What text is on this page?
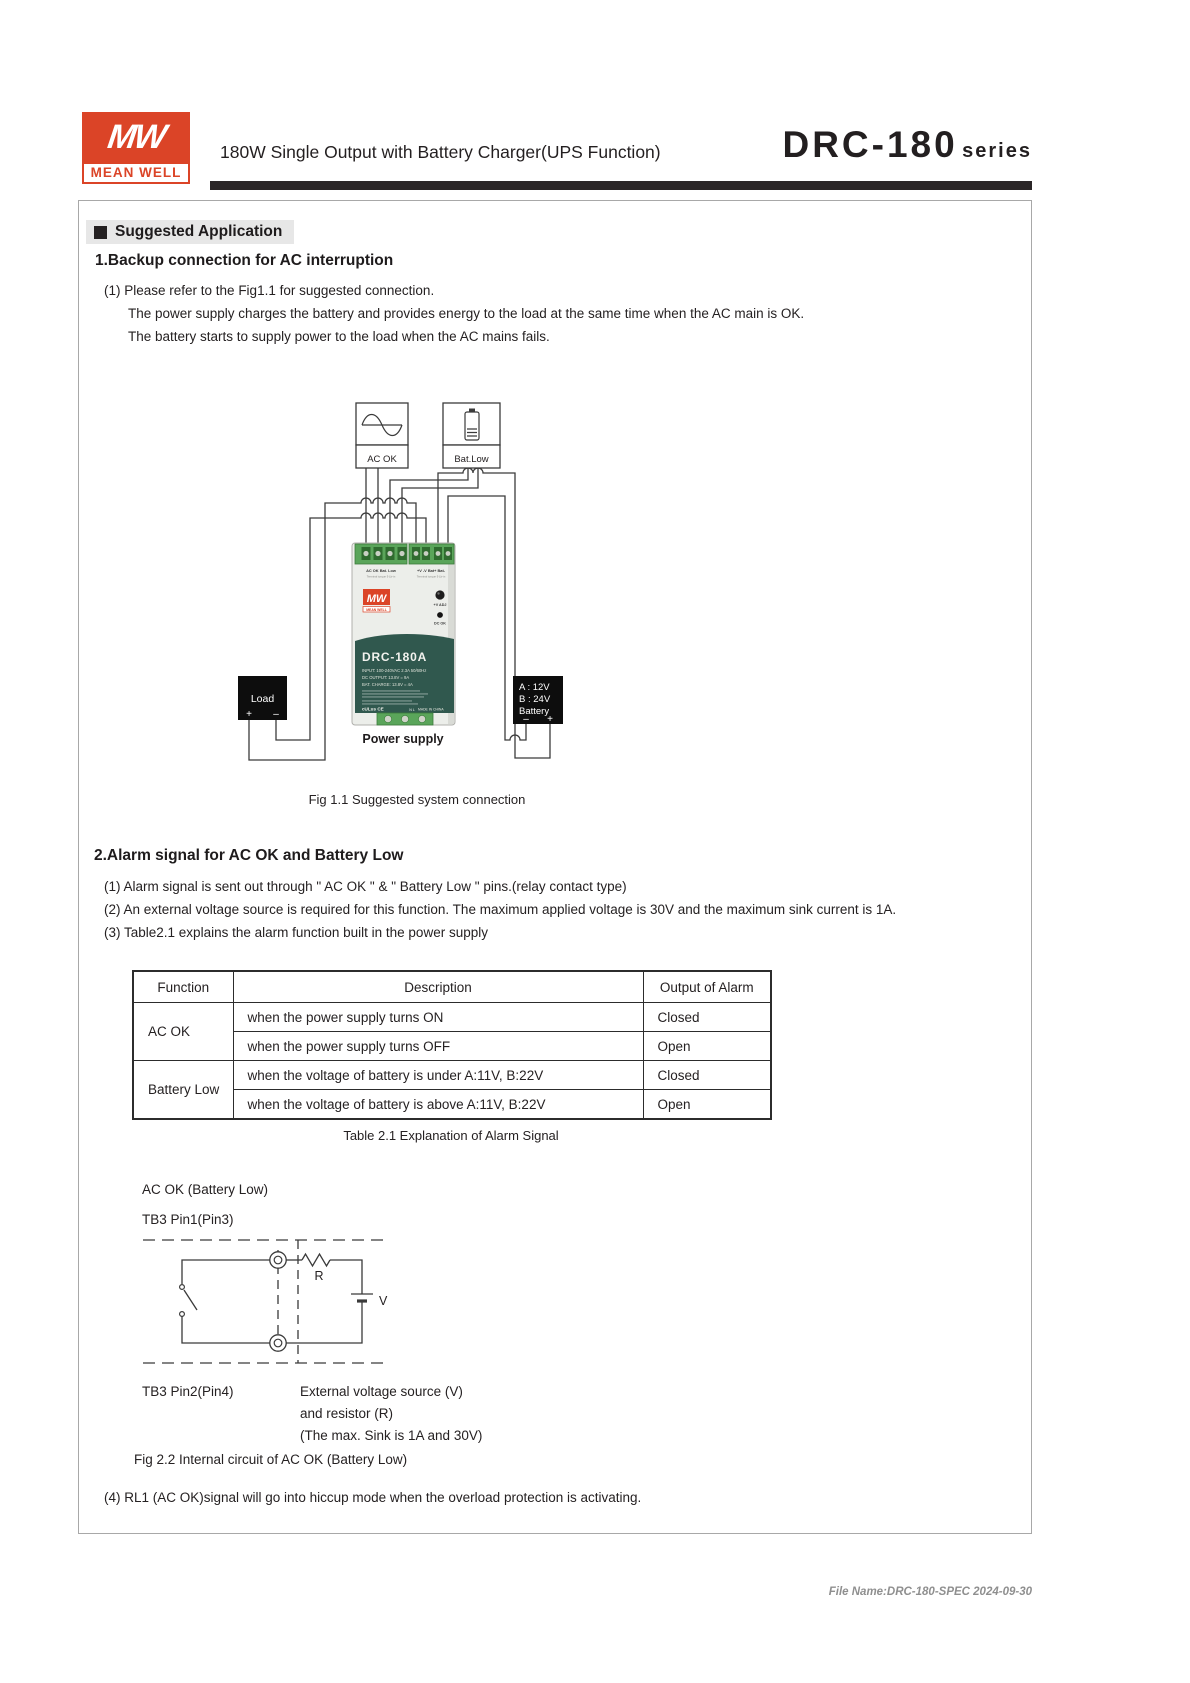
MW
MEAN WELL
180W Single Output with Battery Charger(UPS Function)	DRC-180 series
Suggested Application
1.Backup connection for AC interruption
(1) Please refer to the Fig1.1 for suggested connection.
The power supply charges the battery and provides energy to the load at the same time when the AC main is OK.
The battery starts to supply power to the load when the AC mains fails.
AC OK	Bat.Low
AC OK Bat. Low	+V -V Bat+ Bat-
Terminal torque 9 Lb-in	Terminal torque 9 Lb-in
MW
MEAN WELL
+V ADJ
DC OK
DRC-180A
INPUT: 100-240VAC 2.3A 50/60Hz
DC OUTPUT: 13.8V = 9A
BAT. CHARGE: 13.8V = 4A
cULus CE	MADE IN CHINA
N L
Load
+ –
A : 12V
B : 24V
Battery
– +
Power supply
Fig 1.1 Suggested system connection
2.Alarm signal for AC OK and Battery Low
(1) Alarm signal is sent out through " AC OK " & " Battery Low " pins.(relay contact type)
(2) An external voltage source is required for this function. The maximum applied voltage is 30V and the maximum sink current is 1A.
(3) Table2.1 explains the alarm function built in the power supply
Function	Description	Output of Alarm
AC OK	when the power supply turns ON	Closed
	when the power supply turns OFF	Open
Battery Low	when the voltage of battery is under A:11V, B:22V	Closed
	when the voltage of battery is above A:11V, B:22V	Open
Table 2.1 Explanation of Alarm Signal
AC OK (Battery Low)
TB3 Pin1(Pin3)
R
V
TB3 Pin2(Pin4)	External voltage source (V)
and resistor (R)
(The max. Sink is 1A and 30V)
Fig 2.2 Internal circuit of AC OK (Battery Low)
(4) RL1 (AC OK)signal will go into hiccup mode when the overload protection is activating.
File Name:DRC-180-SPEC 2024-09-30
